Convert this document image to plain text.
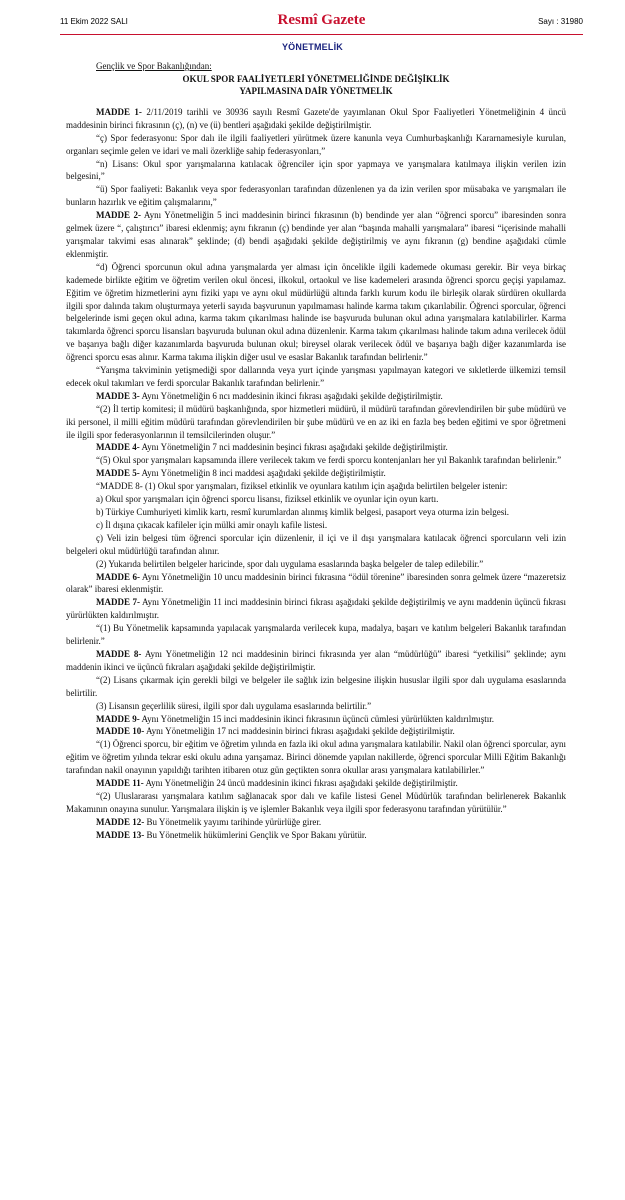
11 Ekim 2022 SALI	Resmî Gazete	Sayı : 31980
YÖNETMELİK

Gençlik ve Spor Bakanlığından:

OKUL SPOR FAALİYETLERİ YÖNETMELİĞİNDE DEĞİŞİKLİK

YAPILMASINA DAİR YÖNETMELİK

MADDE 1- 2/11/2019 tarihli ve 30936 sayılı Resmî Gazete'de yayımlanan Okul Spor Faaliyetleri Yönetmeliğinin 4 üncü maddesinin birinci fıkrasının (ç), (n) ve (ü) bentleri aşağıdaki şekilde değiştirilmiştir.

“ç) Spor federasyonu: Spor dalı ile ilgili faaliyetleri yürütmek üzere kanunla veya Cumhurbaşkanlığı Kararnamesiyle kurulan, organları seçimle gelen ve idari ve mali özerkliğe sahip federasyonları,”

“n) Lisans: Okul spor yarışmalarına katılacak öğrenciler için spor yapmaya ve yarışmalara katılmaya ilişkin verilen izin belgesini,”

“ü) Spor faaliyeti: Bakanlık veya spor federasyonları tarafından düzenlenen ya da izin verilen spor müsabaka ve yarışmaları ile bunların hazırlık ve eğitim çalışmalarını,”

MADDE 2- Aynı Yönetmeliğin 5 inci maddesinin birinci fıkrasının (b) bendinde yer alan “öğrenci sporcu” ibaresinden sonra gelmek üzere “, çalıştırıcı” ibaresi eklenmiş; aynı fıkranın (ç) bendinde yer alan “başında mahalli yarışmalara” ibaresi “içerisinde mahalli yarışmalar takvimi esas alınarak” şeklinde; (d) bendi aşağıdaki şekilde değiştirilmiş ve aynı fıkranın (g) bendine aşağıdaki cümle eklenmiştir.

“d) Öğrenci sporcunun okul adına yarışmalarda yer alması için öncelikle ilgili kademede okuması gerekir. Bir veya birkaç kademede birlikte eğitim ve öğretim verilen okul öncesi, ilkokul, ortaokul ve lise kademeleri arasında öğrenci sporcu geçişi yapılamaz. Eğitim ve öğretim hizmetlerini aynı fiziki yapı ve aynı okul müdürlüğü altında farklı kurum kodu ile birleşik olarak sürdüren okullarda ilgili spor dalında takım oluşturmaya yeterli sayıda başvurunun yapılmaması halinde karma takım çıkarılabilir. Öğrenci sporcular, öğrenci belgelerinde ismi geçen okul adına, karma takım çıkarılması halinde ise başvuruda bulunan okul adına yarışmalara katılabilirler. Karma takımlarda öğrenci sporcu lisansları başvuruda bulunan okul adına düzenlenir. Karma takım çıkarılması halinde takım adına verilecek ödül ve başarıya bağlı diğer kazanımlarda başvuruda bulunan okul; bireysel olarak verilecek ödül ve başarıya bağlı diğer kazanımlarda ise öğrenci sporcu esas alınır. Karma takıma ilişkin diğer usul ve esaslar Bakanlık tarafından belirlenir.”

“Yarışma takviminin yetişmediği spor dallarında veya yurt içinde yarışması yapılmayan kategori ve sıkletlerde ülkemizi temsil edecek okul takımları ve ferdi sporcular Bakanlık tarafından belirlenir.”

MADDE 3- Aynı Yönetmeliğin 6 ncı maddesinin ikinci fıkrası aşağıdaki şekilde değiştirilmiştir.

“(2) İl tertip komitesi; il müdürü başkanlığında, spor hizmetleri müdürü, il müdürü tarafından görevlendirilen bir şube müdürü ve iki personel, il milli eğitim müdürü tarafından görevlendirilen bir şube müdürü ve en az iki en fazla beş beden eğitimi ve spor öğretmeni ile ilgili spor federasyonlarının il temsilcilerinden oluşur.”

MADDE 4- Aynı Yönetmeliğin 7 nci maddesinin beşinci fıkrası aşağıdaki şekilde değiştirilmiştir.

“(5) Okul spor yarışmaları kapsamında illere verilecek takım ve ferdi sporcu kontenjanları her yıl Bakanlık tarafından belirlenir.”

MADDE 5- Aynı Yönetmeliğin 8 inci maddesi aşağıdaki şekilde değiştirilmiştir.

“MADDE 8- (1) Okul spor yarışmaları, fiziksel etkinlik ve oyunlara katılım için aşağıda belirtilen belgeler istenir:

a) Okul spor yarışmaları için öğrenci sporcu lisansı, fiziksel etkinlik ve oyunlar için oyun kartı.

b) Türkiye Cumhuriyeti kimlik kartı, resmî kurumlardan alınmış kimlik belgesi, pasaport veya oturma izin belgesi.

c) İl dışına çıkacak kafileler için mülki amir onaylı kafile listesi.

ç) Veli izin belgesi tüm öğrenci sporcular için düzenlenir, il içi ve il dışı yarışmalara katılacak öğrenci sporcuların veli izin belgeleri okul müdürlüğü tarafından alınır.

(2) Yukarıda belirtilen belgeler haricinde, spor dalı uygulama esaslarında başka belgeler de talep edilebilir.”

MADDE 6- Aynı Yönetmeliğin 10 uncu maddesinin birinci fıkrasına “ödül törenine” ibaresinden sonra gelmek üzere “mazeretsiz olarak” ibaresi eklenmiştir.

MADDE 7- Aynı Yönetmeliğin 11 inci maddesinin birinci fıkrası aşağıdaki şekilde değiştirilmiş ve aynı maddenin üçüncü fıkrası yürürlükten kaldırılmıştır.

“(1) Bu Yönetmelik kapsamında yapılacak yarışmalarda verilecek kupa, madalya, başarı ve katılım belgeleri Bakanlık tarafından belirlenir.”

MADDE 8- Aynı Yönetmeliğin 12 nci maddesinin birinci fıkrasında yer alan “müdürlüğü” ibaresi “yetkilisi” şeklinde; aynı maddenin ikinci ve üçüncü fıkraları aşağıdaki şekilde değiştirilmiştir.

“(2) Lisans çıkarmak için gerekli bilgi ve belgeler ile sağlık izin belgesine ilişkin hususlar ilgili spor dalı uygulama esaslarında belirtilir.

(3) Lisansın geçerlilik süresi, ilgili spor dalı uygulama esaslarında belirtilir.”

MADDE 9- Aynı Yönetmeliğin 15 inci maddesinin ikinci fıkrasının üçüncü cümlesi yürürlükten kaldırılmıştır.

MADDE 10- Aynı Yönetmeliğin 17 nci maddesinin birinci fıkrası aşağıdaki şekilde değiştirilmiştir.

“(1) Öğrenci sporcu, bir eğitim ve öğretim yılında en fazla iki okul adına yarışmalara katılabilir. Nakil olan öğrenci sporcular, aynı eğitim ve öğretim yılında tekrar eski okulu adına yarışamaz. Birinci dönemde yapılan nakillerde, öğrenci sporcular Milli Eğitim Bakanlığı tarafından nakil onayının yapıldığı tarihten itibaren otuz gün geçtikten sonra okullar arası yarışmalara katılabilirler.”

MADDE 11- Aynı Yönetmeliğin 24 üncü maddesinin ikinci fıkrası aşağıdaki şekilde değiştirilmiştir.

“(2) Uluslararası yarışmalara katılım sağlanacak spor dalı ve kafile listesi Genel Müdürlük tarafından belirlenerek Bakanlık Makamının onayına sunulur. Yarışmalara ilişkin iş ve işlemler Bakanlık veya ilgili spor federasyonu tarafından yürütülür.”

MADDE 12- Bu Yönetmelik yayımı tarihinde yürürlüğe girer.

MADDE 13- Bu Yönetmelik hükümlerini Gençlik ve Spor Bakanı yürütür.
